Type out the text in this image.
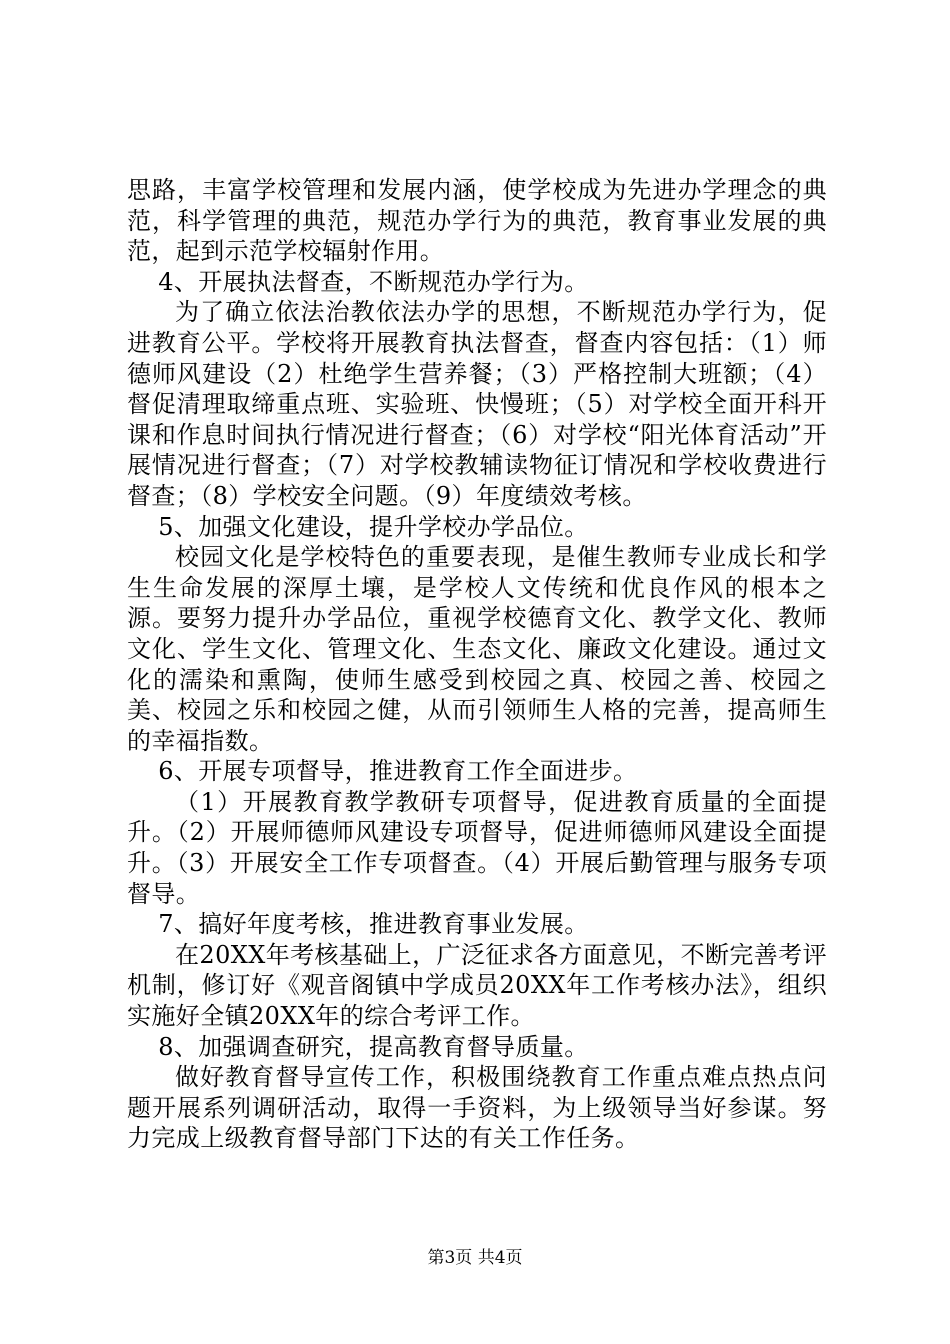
思路，丰富学校管理和发展内涵，使学校成为先进办学理念的典范，科学管理的典范，规范办学行为的典范，教育事业发展的典范，起到示范学校辐射作用。

4、开展执法督查，不断规范办学行为。

为了确立依法治教依法办学的思想，不断规范办学行为，促进教育公平。学校将开展教育执法督查，督查内容包括：（1）师德师风建设（2）杜绝学生营养餐；（3）严格控制大班额；（4）督促清理取缔重点班、实验班、快慢班；（5）对学校全面开科开课和作息时间执行情况进行督查；（6）对学校“阳光体育活动”开展情况进行督查；（7）对学校教辅读物征订情况和学校收费进行督查；（8）学校安全问题。（9）年度绩效考核。

5、加强文化建设，提升学校办学品位。

校园文化是学校特色的重要表现，是催生教师专业成长和学生生命发展的深厚土壤，是学校人文传统和优良作风的根本之源。要努力提升办学品位，重视学校德育文化、教学文化、教师文化、学生文化、管理文化、生态文化、廉政文化建设。通过文化的濡染和熏陶，使师生感受到校园之真、校园之善、校园之美、校园之乐和校园之健，从而引领师生人格的完善，提高师生的幸福指数。

6、开展专项督导，推进教育工作全面进步。

（1）开展教育教学教研专项督导，促进教育质量的全面提升。（2）开展师德师风建设专项督导，促进师德师风建设全面提升。（3）开展安全工作专项督查。（4）开展后勤管理与服务专项督导。

7、搞好年度考核，推进教育事业发展。

在20XX年考核基础上，广泛征求各方面意见，不断完善考评机制，修订好《观音阁镇中学成员20XX年工作考核办法》，组织实施好全镇20XX年的综合考评工作。

8、加强调查研究，提高教育督导质量。

做好教育督导宣传工作，积极围绕教育工作重点难点热点问题开展系列调研活动，取得一手资料，为上级领导当好参谋。努力完成上级教育督导部门下达的有关工作任务。

第3页 共4页
